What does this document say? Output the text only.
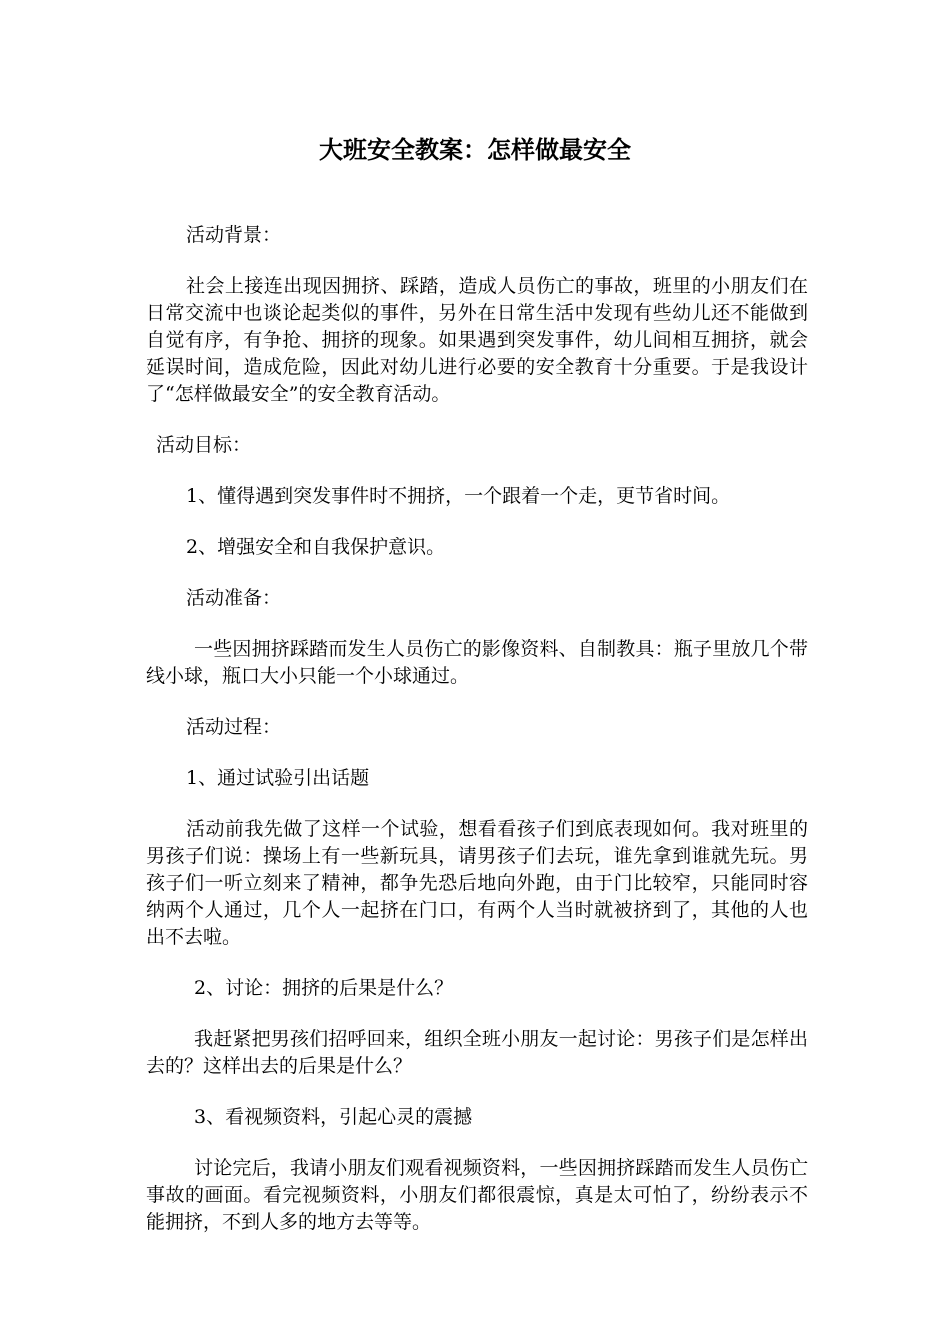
大班安全教案：怎样做最安全

活动背景：

社会上接连出现因拥挤、踩踏，造成人员伤亡的事故，班里的小朋友们在日常交流中也谈论起类似的事件，另外在日常生活中发现有些幼儿还不能做到自觉有序，有争抢、拥挤的现象。如果遇到突发事件，幼儿间相互拥挤，就会延误时间，造成危险，因此对幼儿进行必要的安全教育十分重要。于是我设计了“怎样做最安全”的安全教育活动。

活动目标：

1、懂得遇到突发事件时不拥挤，一个跟着一个走，更节省时间。

2、增强安全和自我保护意识。

活动准备：

一些因拥挤踩踏而发生人员伤亡的影像资料、自制教具：瓶子里放几个带线小球，瓶口大小只能一个小球通过。

活动过程：

1、通过试验引出话题

活动前我先做了这样一个试验，想看看孩子们到底表现如何。我对班里的男孩子们说：操场上有一些新玩具，请男孩子们去玩，谁先拿到谁就先玩。男孩子们一听立刻来了精神，都争先恐后地向外跑，由于门比较窄，只能同时容纳两个人通过，几个人一起挤在门口，有两个人当时就被挤到了，其他的人也出不去啦。

2、讨论：拥挤的后果是什么？

我赶紧把男孩们招呼回来，组织全班小朋友一起讨论：男孩子们是怎样出去的？这样出去的后果是什么？

3、看视频资料，引起心灵的震撼

讨论完后，我请小朋友们观看视频资料，一些因拥挤踩踏而发生人员伤亡事故的画面。看完视频资料，小朋友们都很震惊，真是太可怕了，纷纷表示不能拥挤，不到人多的地方去等等。
